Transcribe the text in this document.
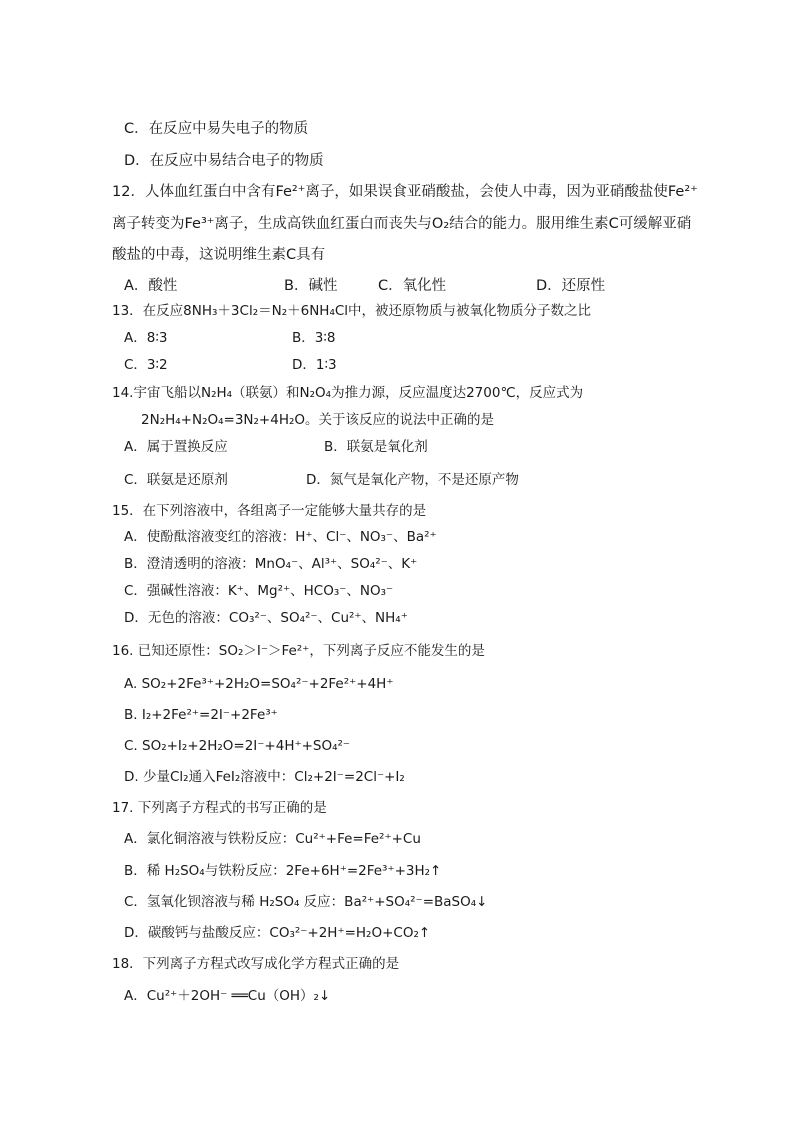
C．在反应中易失电子的物质
D．在反应中易结合电子的物质
12．人体血红蛋白中含有Fe²⁺离子，如果误食亚硝酸盐，会使人中毒，因为亚硝酸盐使Fe²⁺
离子转变为Fe³⁺离子，生成高铁血红蛋白而丧失与O₂结合的能力。服用维生素C可缓解亚硝
酸盐的中毒，这说明维生素C具有
A．酸性	B．碱性	C．氧化性	D．还原性
13．在反应8NH₃＋3Cl₂＝N₂＋6NH₄Cl中，被还原物质与被氧化物质分子数之比
A．8∶3	B．3∶8
C．3∶2	D．1∶3
14.宇宙飞船以N₂H₄（联氨）和N₂O₄为推力源，反应温度达2700℃，反应式为
2N₂H₄+N₂O₄=3N₂+4H₂O。关于该反应的说法中正确的是
A．属于置换反应	B．联氨是氧化剂
C．联氨是还原剂	D．氮气是氧化产物，不是还原产物
15．在下列溶液中，各组离子一定能够大量共存的是
A．使酚酞溶液变红的溶液：H⁺、Cl⁻、NO₃⁻、Ba²⁺
B．澄清透明的溶液：MnO₄⁻、Al³⁺、SO₄²⁻、K⁺
C．强碱性溶液：K⁺、Mg²⁺、HCO₃⁻、NO₃⁻
D．无色的溶液：CO₃²⁻、SO₄²⁻、Cu²⁺、NH₄⁺
16. 已知还原性：SO₂＞I⁻＞Fe²⁺，下列离子反应不能发生的是
A. SO₂+2Fe³⁺+2H₂O=SO₄²⁻+2Fe²⁺+4H⁺
B. I₂+2Fe²⁺=2I⁻+2Fe³⁺
C. SO₂+I₂+2H₂O=2I⁻+4H⁺+SO₄²⁻
D. 少量Cl₂通入FeI₂溶液中：Cl₂+2I⁻=2Cl⁻+I₂
17. 下列离子方程式的书写正确的是
A．氯化铜溶液与铁粉反应：Cu²⁺+Fe=Fe²⁺+Cu
B．稀 H₂SO₄与铁粉反应：2Fe+6H⁺=2Fe³⁺+3H₂↑
C．氢氧化钡溶液与稀 H₂SO₄ 反应：Ba²⁺+SO₄²⁻=BaSO₄↓
D．碳酸钙与盐酸反应：CO₃²⁻+2H⁺=H₂O+CO₂↑
18．下列离子方程式改写成化学方程式正确的是
A．Cu²⁺＋2OH⁻ ══Cu（OH）₂↓
